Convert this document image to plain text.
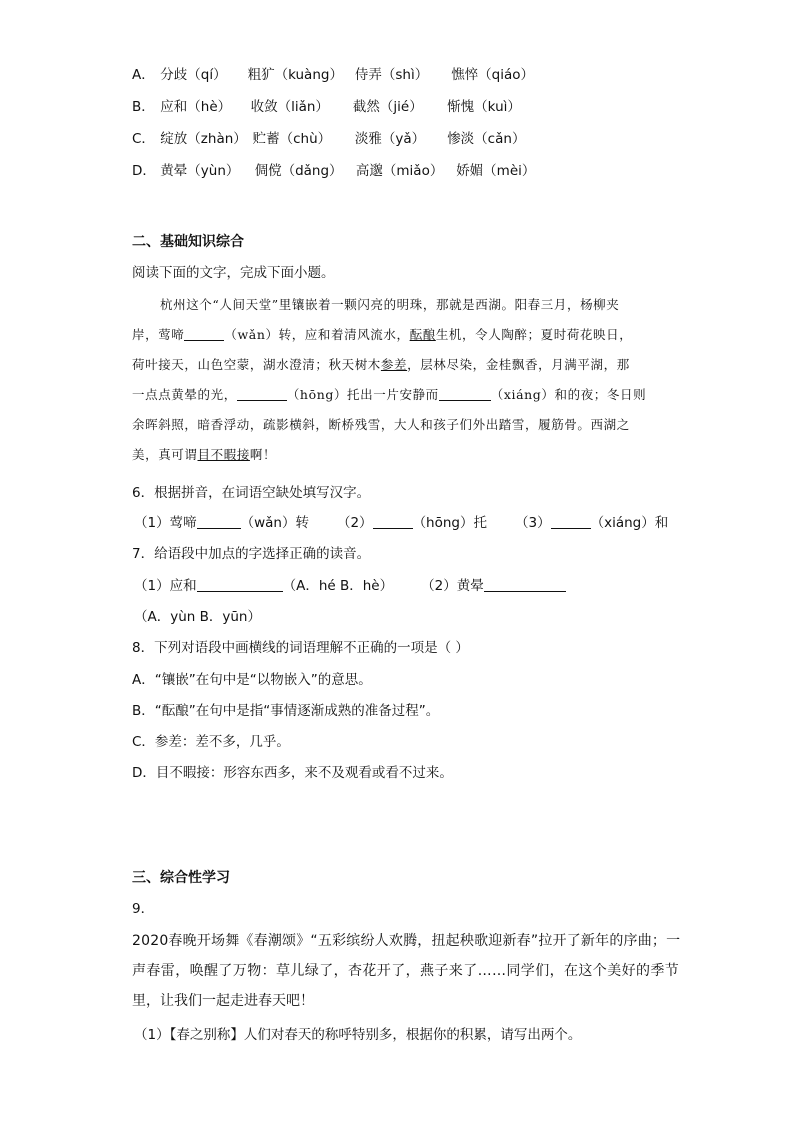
A． 分歧（qí） 粗犷（kuàng） 侍弄（shì） 憔悴（qiáo）
B． 应和（hè） 收敛（liǎn） 截然（jié） 惭愧（kuì）
C． 绽放（zhàn） 贮蓄（chù） 淡雅（yǎ） 惨淡（cǎn）
D． 黄晕（yùn） 倜傥（dǎng） 高邈（miǎo） 娇媚（mèi）
二、基础知识综合
阅读下面的文字，完成下面小题。
杭州这个“人间天堂”里镶嵌着一颗闪亮的明珠，那就是西湖。阳春三月，杨柳夹
岸，莺啼	（wǎn）转，应和着清风流水，酝酿生机，令人陶醉；夏时荷花映日，
荷叶接天，山色空蒙，湖水澄清；秋天树木参差，层林尽染，金桂飘香，月满平湖，那
一点点黄晕的光，	（hōng）托出一片安静而	（xiáng）和的夜；冬日则
余晖斜照，暗香浮动，疏影横斜，断桥残雪，大人和孩子们外出踏雪，履筋骨。西湖之
美，真可谓目不暇接啊！
6．根据拼音，在词语空缺处填写汉字。
（1）莺啼	（wǎn）转 （2）	（hōng）托 （3）	（xiáng）和
7．给语段中加点的字选择正确的读音。
（1）应和	（A．hé B．hè） （2）黄晕
（A．yùn B．yūn）
8．下列对语段中画横线的词语理解不正确的一项是（ ）
A．“镶嵌”在句中是“以物嵌入”的意思。
B．“酝酿”在句中是指“事情逐渐成熟的准备过程”。
C．参差：差不多，几乎。
D．目不暇接：形容东西多，来不及观看或看不过来。
三、综合性学习
9．
2020春晚开场舞《春潮颂》“五彩缤纷人欢腾，扭起秧歌迎新春”拉开了新年的序曲；一
声春雷，唤醒了万物：草儿绿了，杏花开了，燕子来了……同学们，在这个美好的季节
里，让我们一起走进春天吧！
（1）【春之别称】人们对春天的称呼特别多，根据你的积累，请写出两个。
